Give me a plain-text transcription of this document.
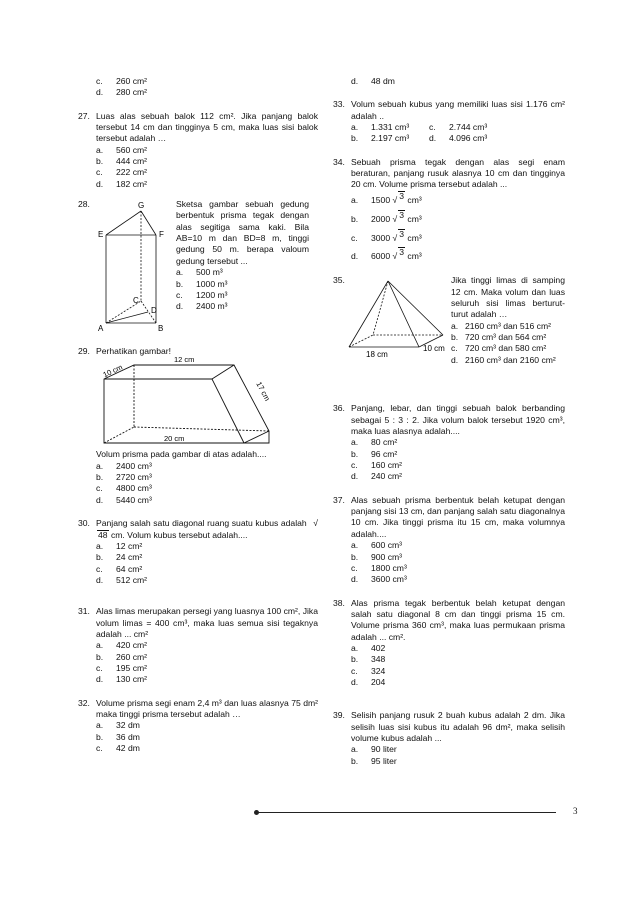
c.	260 cm²
d.	280 cm²
27. Luas alas sebuah balok 112 cm². Jika panjang balok tersebut 14 cm dan tingginya 5 cm, maka luas sisi balok tersebut adalah …
a.	560 cm²
b.	444 cm²
c.	222 cm²
d.	182 cm²
28.	G
E	F
C
D
A	B
Sketsa gambar sebuah gedung berbentuk prisma tegak dengan alas segitiga sama kaki. Bila AB=10 m dan BD=8 m, tinggi gedung 50 m. berapa valoum gedung tersebut ...
a.	500 m³
b.	1000 m³
c.	1200 m³
d.	2400 m³
29. Perhatikan gambar!
12 cm
10 cm
17 cm
20 cm
Volum prisma pada gambar di atas adalah....
a.	2400 cm³
b.	2720 cm³
c.	4800 cm³
d.	5440 cm³
30. Panjang salah satu diagonal ruang suatu kubus adalah √48 cm. Volum kubus tersebut adalah....
a.	12 cm²
b.	24 cm²
c.	64 cm²
d.	512 cm²
31. Alas limas merupakan persegi yang luasnya 100 cm², Jika volum limas = 400 cm³, maka luas semua sisi tegaknya adalah ... cm²
a.	420 cm²
b.	260 cm²
c.	195 cm²
d.	130 cm²
32. Volume prisma segi enam 2,4 m³ dan luas alasnya 75 dm² maka tinggi prisma tersebut adalah …
a.	32 dm
b.	36 dm
c.	42 dm
d.	48 dm
33. Volum sebuah kubus yang memiliki luas sisi 1.176 cm² adalah ..
a.	1.331 cm³	c.	2.744 cm³
b.	2.197 cm³	d.	4.096 cm³
34. Sebuah prisma tegak dengan alas segi enam beraturan, panjang rusuk alasnya 10 cm dan tingginya 20 cm. Volume prisma tersebut adalah ...
a.	1500 √ 3
cm³
b.	2000 √ 3
cm³
c.	3000 √ 3
cm³
d.	6000 √ 3
cm³
35.
18 cm
10 cm
Jika tinggi limas di samping 12 cm. Maka volum dan luas seluruh sisi limas berturut-turut adalah …
a. 2160 cm³ dan 516 cm²
b. 720 cm³ dan 564 cm²
c. 720 cm³ dan 580 cm²
d. 2160 cm³ dan 2160 cm²
36. Panjang, lebar, dan tinggi sebuah balok berbanding sebagai 5 : 3 : 2. Jika volum balok tersebut 1920 cm³, maka luas alasnya adalah....
a.	80 cm²
b.	96 cm²
c.	160 cm²
d.	240 cm²
37. Alas sebuah prisma berbentuk belah ketupat dengan panjang sisi 13 cm, dan panjang salah satu diagonalnya 10 cm. Jika tinggi prisma itu 15 cm, maka volumnya adalah....
a.	600 cm³
b.	900 cm³
c.	1800 cm³
d.	3600 cm³
38. Alas prisma tegak berbentuk belah ketupat dengan salah satu diagonal 8 cm dan tinggi prisma 15 cm. Volume prisma 360 cm³, maka luas permukaan prisma adalah ... cm².
a.	402
b.	348
c.	324
d.	204
39. Selisih panjang rusuk 2 buah kubus adalah 2 dm. Jika selisih luas sisi kubus itu adalah 96 dm², maka selisih volume kubus adalah ...
a.	90 liter
b.	95 liter
3
